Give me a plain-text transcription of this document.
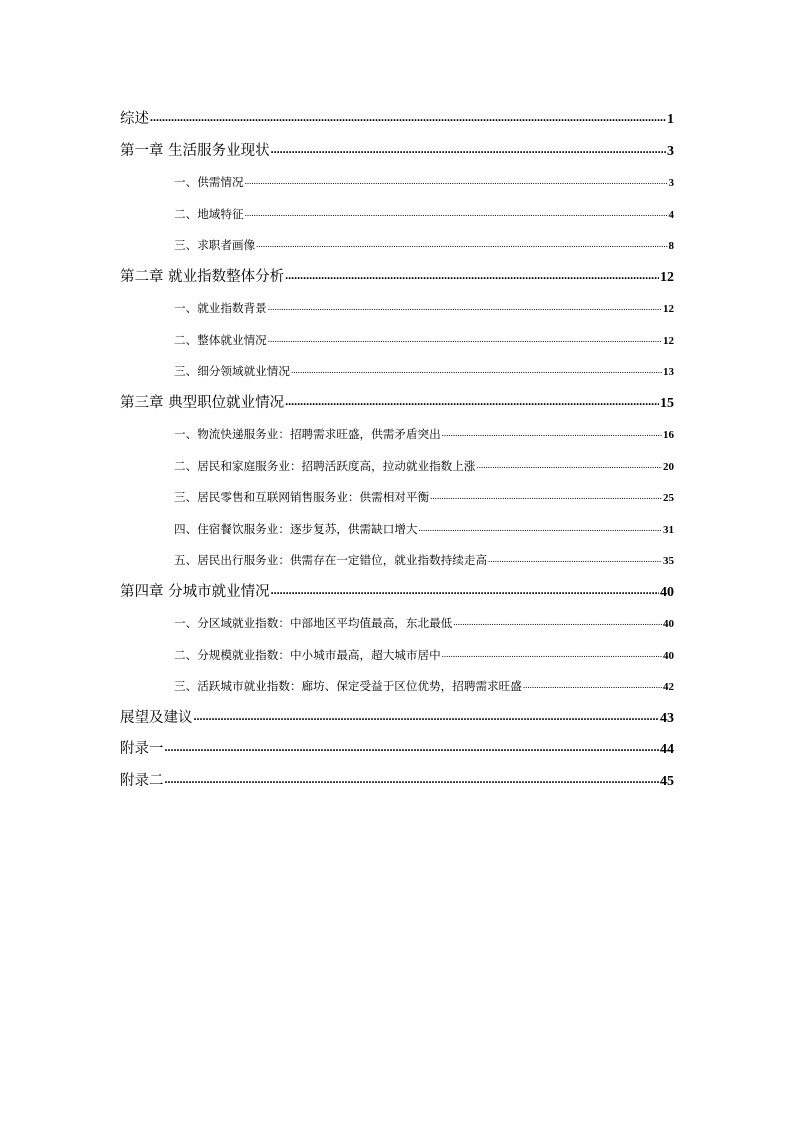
综述 .....	1
第一章 生活服务业现状 .....	3
一、供需情况 .....	3
二、地域特征 .....	4
三、求职者画像 .....	8
第二章 就业指数整体分析 .....	12
一、就业指数背景 .....	12
二、整体就业情况 .....	12
三、细分领域就业情况 .....	13
第三章 典型职位就业情况 .....	15
一、物流快递服务业：招聘需求旺盛，供需矛盾突出 .....	16
二、居民和家庭服务业：招聘活跃度高，拉动就业指数上涨 .....	20
三、居民零售和互联网销售服务业：供需相对平衡 .....	25
四、住宿餐饮服务业：逐步复苏，供需缺口增大 .....	31
五、居民出行服务业：供需存在一定错位，就业指数持续走高 .....	35
第四章 分城市就业情况 .....	40
一、分区域就业指数：中部地区平均值最高，东北最低 .....	40
二、分规模就业指数：中小城市最高，超大城市居中 .....	40
三、活跃城市就业指数：廊坊、保定受益于区位优势，招聘需求旺盛 .....	42
展望及建议 .....	43
附录一 .....	44
附录二 .....	45
